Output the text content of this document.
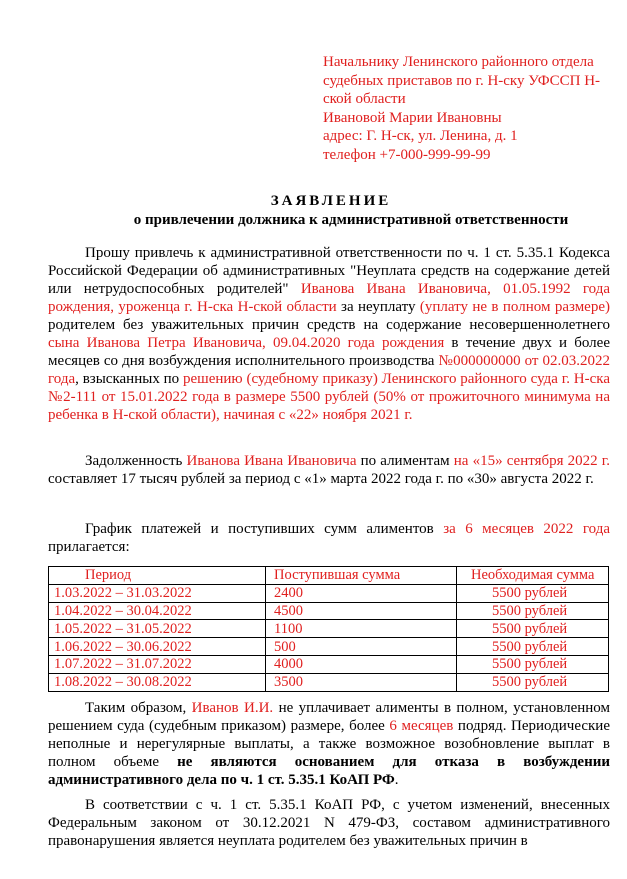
Начальнику Ленинского районного отдела
судебных приставов по г. Н-ску УФССП Н-
ской области
Ивановой Марии Ивановны
адрес: Г. Н-ск, ул. Ленина, д. 1
телефон +7-000-999-99-99
ЗАЯВЛЕНИЕ
о привлечении должника к административной ответственности
Прошу привлечь к административной ответственности по ч. 1 ст. 5.35.1 Кодекса Российской Федерации об административных "Неуплата средств на содержание детей или нетрудоспособных родителей" Иванова Ивана Ивановича, 01.05.1992 года рождения, уроженца г. Н-ска Н-ской области за неуплату (уплату не в полном размере) родителем без уважительных причин средств на содержание несовершеннолетнего сына Иванова Петра Ивановича, 09.04.2020 года рождения в течение двух и более месяцев со дня возбуждения исполнительного производства №000000000 от 02.03.2022 года, взысканных по решению (судебному приказу) Ленинского районного суда г. Н-ска №2-111 от 15.01.2022 года в размере 5500 рублей (50% от прожиточного минимума на ребенка в Н-ской области), начиная с «22» ноября 2021 г.
Задолженность Иванова Ивана Ивановича по алиментам на «15» сентября 2022 г. составляет 17 тысяч рублей за период с «1» марта 2022 года г. по «30» августа 2022 г.
График платежей и поступивших сумм алиментов за 6 месяцев 2022 года прилагается:
Период	Поступившая сумма	Необходимая сумма
1.03.2022 – 31.03.2022	2400	5500 рублей
1.04.2022 – 30.04.2022	4500	5500 рублей
1.05.2022 – 31.05.2022	1100	5500 рублей
1.06.2022 – 30.06.2022	500	5500 рублей
1.07.2022 – 31.07.2022	4000	5500 рублей
1.08.2022 – 30.08.2022	3500	5500 рублей
Таким образом, Иванов И.И. не уплачивает алименты в полном, установленном решением суда (судебным приказом) размере, более 6 месяцев подряд. Периодические неполные и нерегулярные выплаты, а также возможное возобновление выплат в полном объеме не являются основанием для отказа в возбуждении административного дела по ч. 1 ст. 5.35.1 КоАП РФ.
В соответствии с ч. 1 ст. 5.35.1 КоАП РФ, с учетом изменений, внесенных Федеральным законом от 30.12.2021 N 479-ФЗ, составом административного правонарушения является неуплата родителем без уважительных причин в
